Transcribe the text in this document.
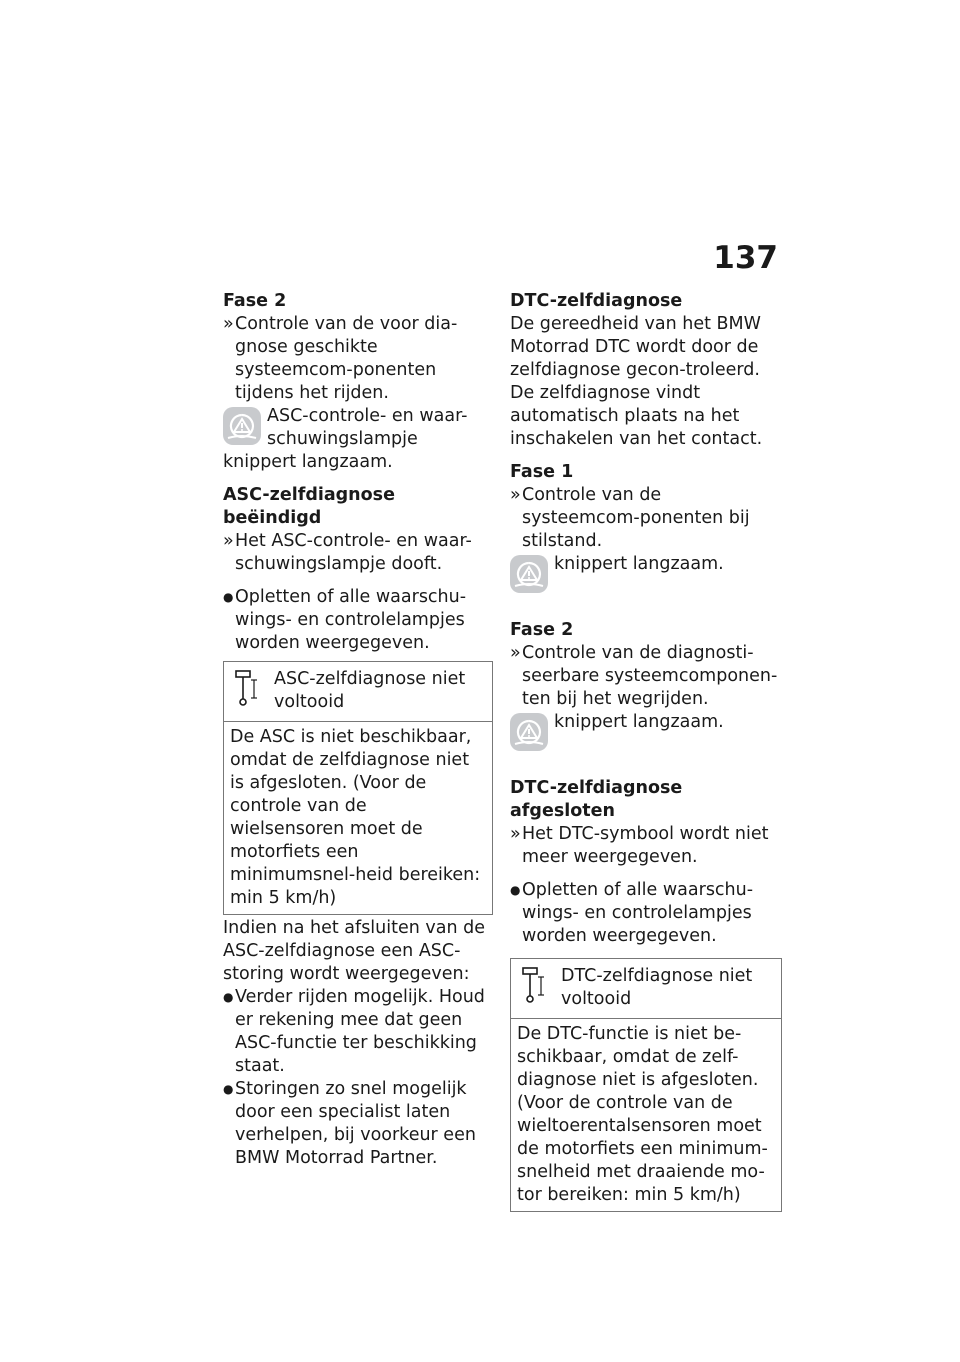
137
Fase 2
» Controle van de voor dia-gnose geschikte systeemcom-ponenten tijdens het rijden.
ASC-controle- en waar-schuwingslampje knippert langzaam.
ASC-zelfdiagnose beëindigd
» Het ASC-controle- en waar-schuwingslampje dooft.
● Opletten of alle waarschu-wings- en controlelampjes worden weergegeven.
ASC-zelfdiagnose niet voltooid
De ASC is niet beschikbaar, omdat de zelfdiagnose niet is afgesloten. (Voor de controle van de wielsensoren moet de motorfiets een minimumsnel-heid bereiken: min 5 km/h)
Indien na het afsluiten van de ASC-zelfdiagnose een ASC-storing wordt weergegeven:
● Verder rijden mogelijk. Houd er rekening mee dat geen ASC-functie ter beschikking staat.
● Storingen zo snel mogelijk door een specialist laten verhelpen, bij voorkeur een BMW Motorrad Partner.
DTC-zelfdiagnose
De gereedheid van het BMW Motorrad DTC wordt door de zelfdiagnose gecon-troleerd. De zelfdiagnose vindt automatisch plaats na het inschakelen van het contact.
Fase 1
» Controle van de systeemcom-ponenten bij stilstand.
knippert langzaam.
Fase 2
» Controle van de diagnosti-seerbare systeemcomponen-ten bij het wegrijden.
knippert langzaam.
DTC-zelfdiagnose afgesloten
» Het DTC-symbool wordt niet meer weergegeven.
● Opletten of alle waarschu-wings- en controlelampjes worden weergegeven.
DTC-zelfdiagnose niet voltooid
De DTC-functie is niet be-schikbaar, omdat de zelf-diagnose niet is afgesloten. (Voor de controle van de wieltoerentalsensoren moet de motorfiets een minimum-snelheid met draaiende mo-tor bereiken: min 5 km/h)
